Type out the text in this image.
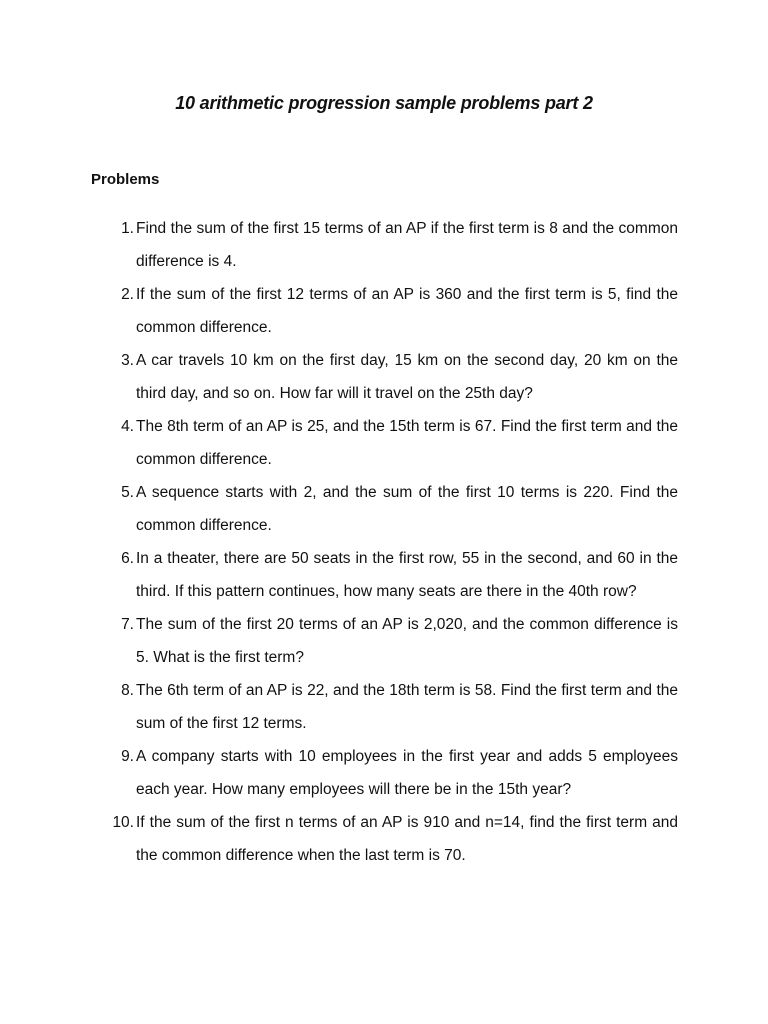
10 arithmetic progression sample problems part 2
Problems
1. Find the sum of the first 15 terms of an AP if the first term is 8 and the common difference is 4.
2. If the sum of the first 12 terms of an AP is 360 and the first term is 5, find the common difference.
3. A car travels 10 km on the first day, 15 km on the second day, 20 km on the third day, and so on. How far will it travel on the 25th day?
4. The 8th term of an AP is 25, and the 15th term is 67. Find the first term and the common difference.
5. A sequence starts with 2, and the sum of the first 10 terms is 220. Find the common difference.
6. In a theater, there are 50 seats in the first row, 55 in the second, and 60 in the third. If this pattern continues, how many seats are there in the 40th row?
7. The sum of the first 20 terms of an AP is 2,020, and the common difference is 5. What is the first term?
8. The 6th term of an AP is 22, and the 18th term is 58. Find the first term and the sum of the first 12 terms.
9. A company starts with 10 employees in the first year and adds 5 employees each year. How many employees will there be in the 15th year?
10. If the sum of the first n terms of an AP is 910 and n=14, find the first term and the common difference when the last term is 70.
